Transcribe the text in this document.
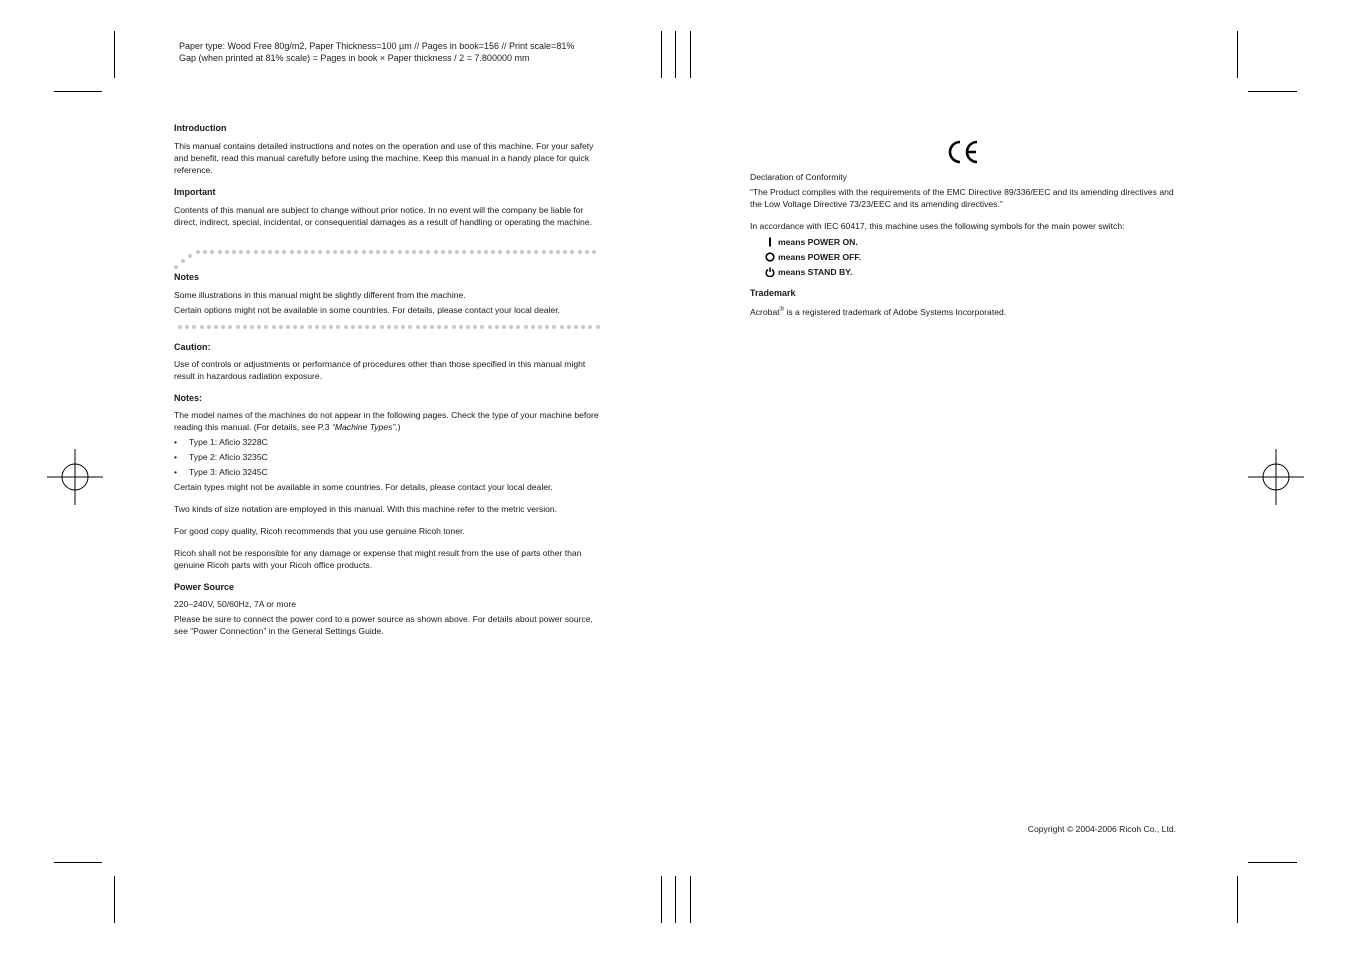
Paper type: Wood Free 80g/m2, Paper Thickness=100 µm // Pages in book=156 // Print scale=81%
Gap (when printed at 81% scale) = Pages in book × Paper thickness / 2 = 7.800000 mm

Introduction

This manual contains detailed instructions and notes on the operation and use of this machine. For your safety and benefit, read this manual carefully before using the machine. Keep this manual in a handy place for quick reference.

Important

Contents of this manual are subject to change without prior notice. In no event will the company be liable for direct, indirect, special, incidental, or consequential damages as a result of handling or operating the machine.

Notes

Some illustrations in this manual might be slightly different from the machine.

Certain options might not be available in some countries. For details, please contact your local dealer.

Caution:

Use of controls or adjustments or performance of procedures other than those specified in this manual might result in hazardous radiation exposure.

Notes:

The model names of the machines do not appear in the following pages. Check the type of your machine before reading this manual. (For details, see P.3 “Machine Types”.)

• Type 1: Aficio 3228C
• Type 2: Aficio 3235C
• Type 3: Aficio 3245C

Certain types might not be available in some countries. For details, please contact your local dealer.

Two kinds of size notation are employed in this manual. With this machine refer to the metric version.

For good copy quality, Ricoh recommends that you use genuine Ricoh toner.

Ricoh shall not be responsible for any damage or expense that might result from the use of parts other than genuine Ricoh parts with your Ricoh office products.

Power Source

220–240V, 50/60Hz, 7A or more

Please be sure to connect the power cord to a power source as shown above. For details about power source, see “Power Connection” in the General Settings Guide.

Declaration of Conformity

“The Product complies with the requirements of the EMC Directive 89/336/EEC and its amending directives and the Low Voltage Directive 73/23/EEC and its amending directives.”

In accordance with IEC 60417, this machine uses the following symbols for the main power switch:

means POWER ON.
means POWER OFF.
means STAND BY.

Trademark

Acrobat® is a registered trademark of Adobe Systems Incorporated.

Copyright © 2004-2006 Ricoh Co., Ltd.
